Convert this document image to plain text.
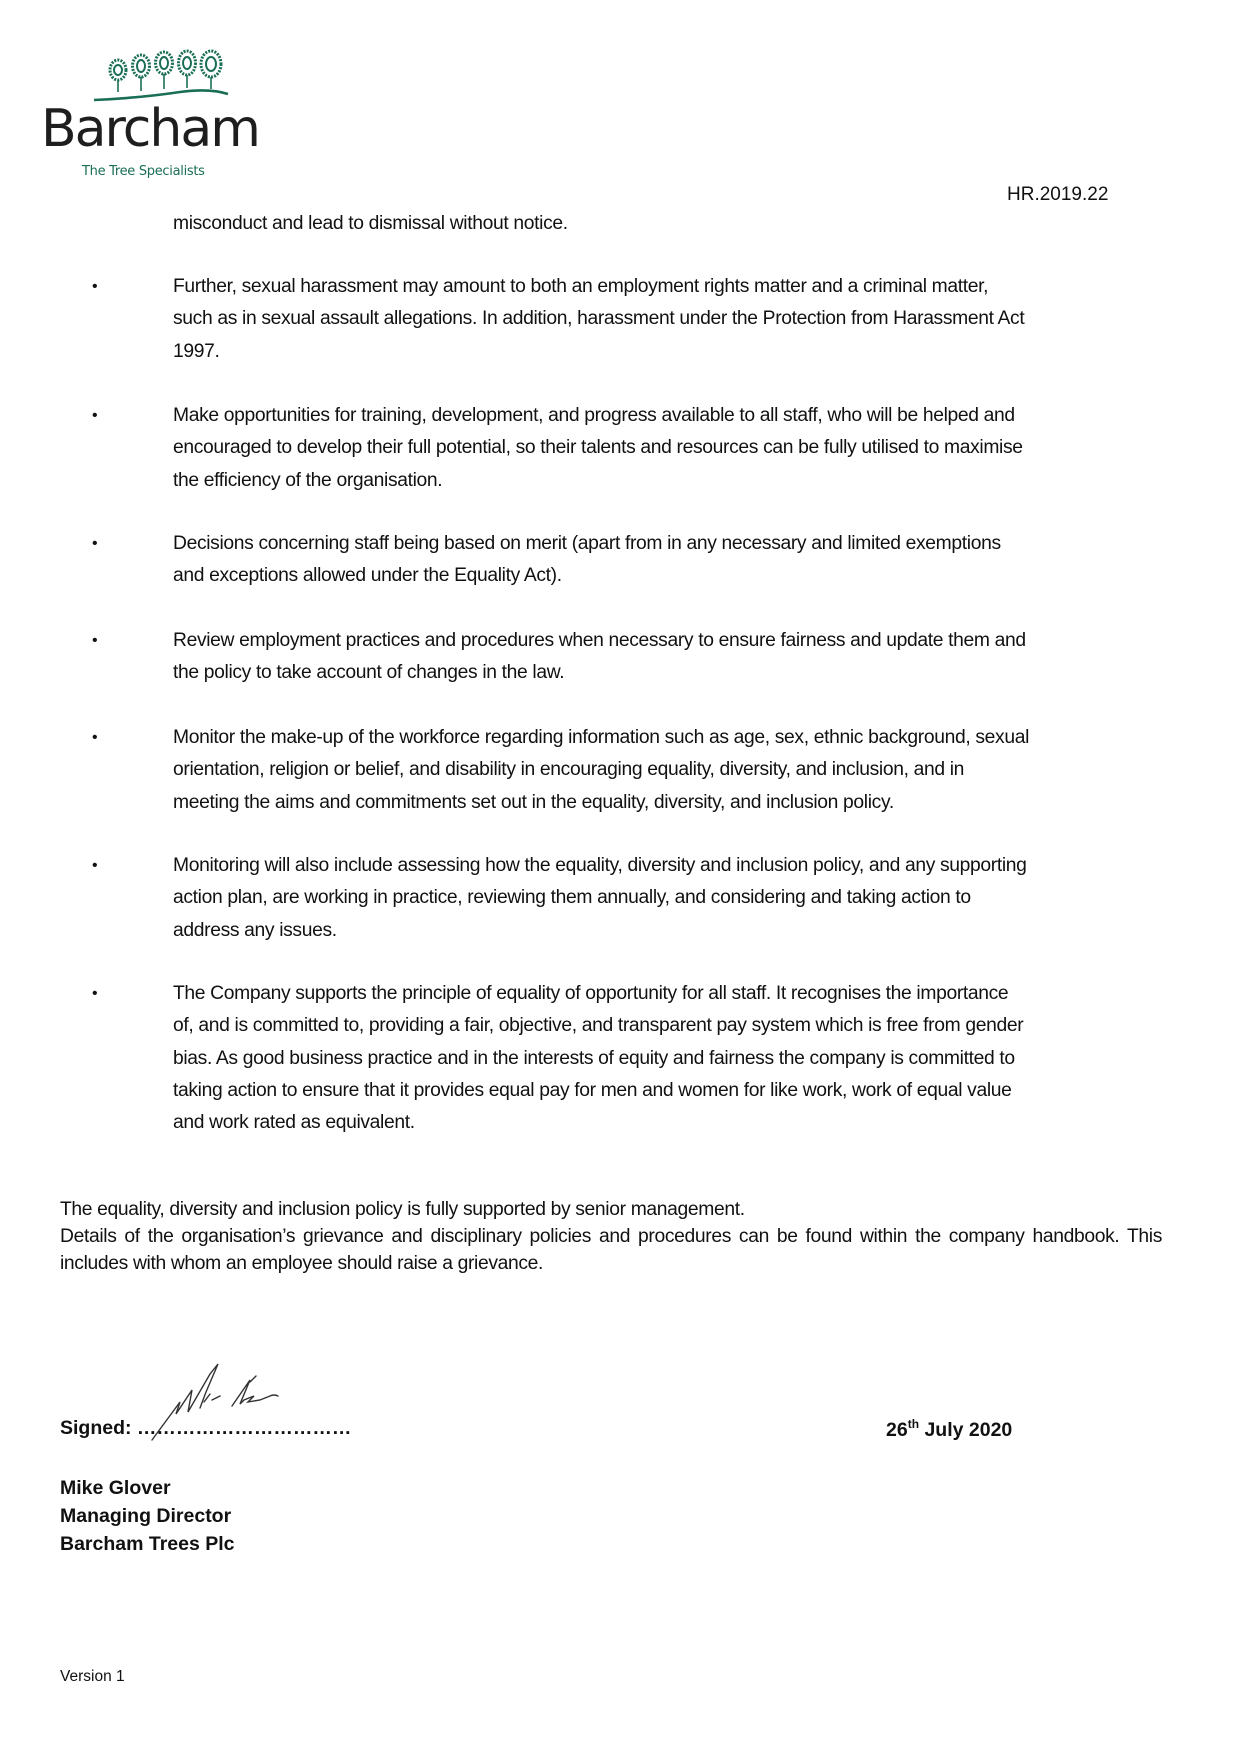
Barcham
The Tree Specialists
HR.2019.22
misconduct and lead to dismissal without notice.
•	Further, sexual harassment may amount to both an employment rights matter and a criminal matter,
such as in sexual assault allegations. In addition, harassment under the Protection from Harassment Act
1997.
•	Make opportunities for training, development, and progress available to all staff, who will be helped and
encouraged to develop their full potential, so their talents and resources can be fully utilised to maximise
the efficiency of the organisation.
•	Decisions concerning staff being based on merit (apart from in any necessary and limited exemptions
and exceptions allowed under the Equality Act).
•	Review employment practices and procedures when necessary to ensure fairness and update them and
the policy to take account of changes in the law.
•	Monitor the make-up of the workforce regarding information such as age, sex, ethnic background, sexual
orientation, religion or belief, and disability in encouraging equality, diversity, and inclusion, and in
meeting the aims and commitments set out in the equality, diversity, and inclusion policy.
•	Monitoring will also include assessing how the equality, diversity and inclusion policy, and any supporting
action plan, are working in practice, reviewing them annually, and considering and taking action to
address any issues.
•	The Company supports the principle of equality of opportunity for all staff. It recognises the importance
of, and is committed to, providing a fair, objective, and transparent pay system which is free from gender
bias. As good business practice and in the interests of equity and fairness the company is committed to
taking action to ensure that it provides equal pay for men and women for like work, work of equal value
and work rated as equivalent.

The equality, diversity and inclusion policy is fully supported by senior management.

Details of the organisation’s grievance and disciplinary policies and procedures can be found within the company handbook. This includes with whom an employee should raise a grievance.

Signed: ……………………………	26th July 2020
Mike Glover
Managing Director
Barcham Trees Plc
Version 1
